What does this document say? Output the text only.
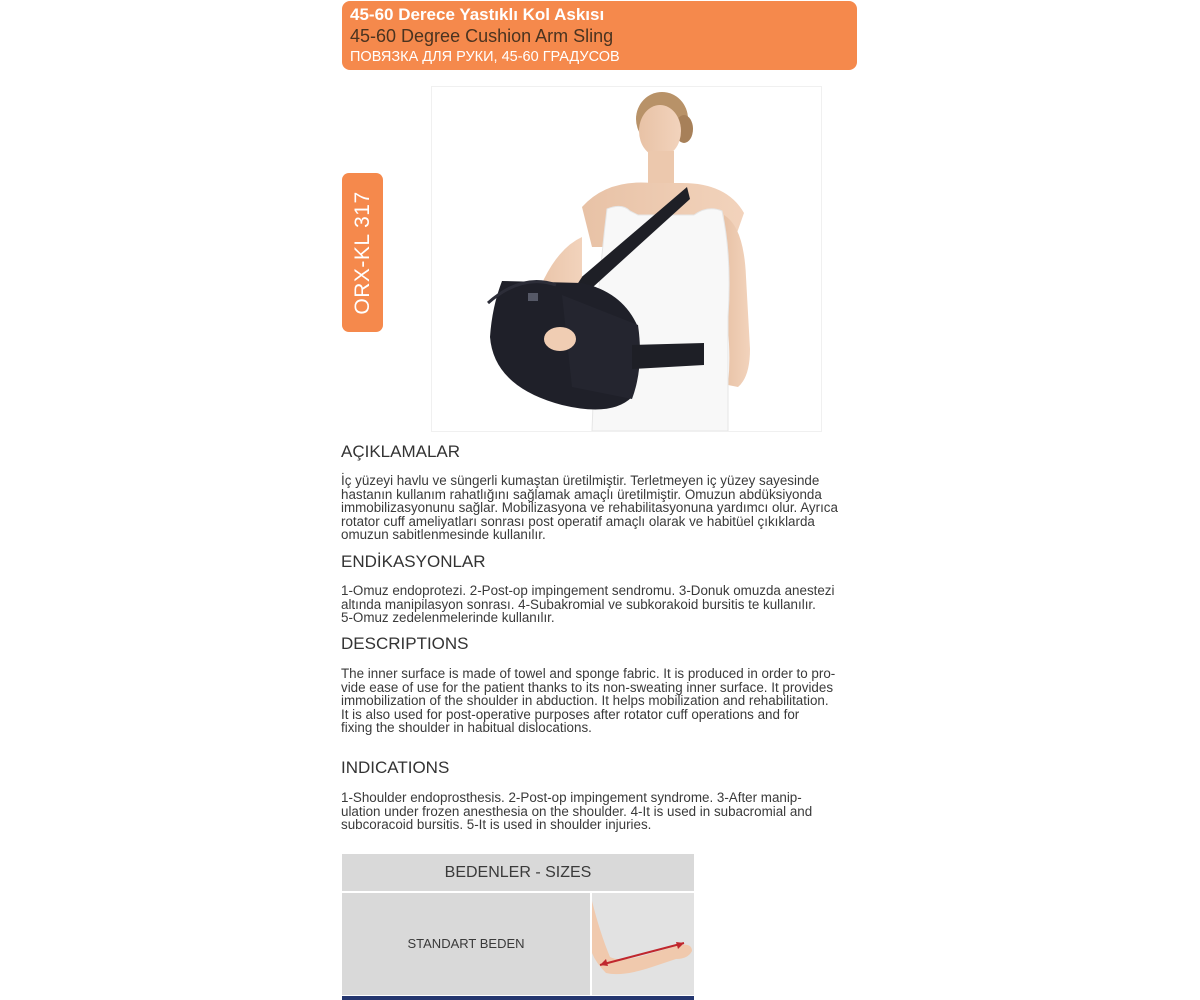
45-60 Derece Yastıklı Kol Askısı
45-60 Degree Cushion Arm Sling
ПОВЯЗКА ДЛЯ РУКИ, 45-60 ГРАДУСОВ
ORX-KL 317
AÇIKLAMALAR

İç yüzeyi havlu ve süngerli kumaştan üretilmiştir. Terletmeyen iç yüzey sayesinde
hastanın kullanım rahatlığını sağlamak amaçlı üretilmiştir. Omuzun abdüksiyonda
immobilizasyonunu sağlar. Mobilizasyona ve rehabilitasyonuna yardımcı olur. Ayrıca
rotator cuff ameliyatları sonrası post operatif amaçlı olarak ve habitüel çıkıklarda
omuzun sabitlenmesinde kullanılır.

ENDİKASYONLAR

1-Omuz endoprotezi. 2-Post-op impingement sendromu. 3-Donuk omuzda anestezi
altında manipilasyon sonrası. 4-Subakromial ve subkorakoid bursitis te kullanılır.
5-Omuz zedelenmelerinde kullanılır.

DESCRIPTIONS

The inner surface is made of towel and sponge fabric. It is produced in order to pro-
vide ease of use for the patient thanks to its non-sweating inner surface. It provides
immobilization of the shoulder in abduction. It helps mobilization and rehabilitation.
It is also used for post-operative purposes after rotator cuff operations and for
fixing the shoulder in habitual dislocations.

INDICATIONS

1-Shoulder endoprosthesis. 2-Post-op impingement syndrome. 3-After manip-
ulation under frozen anesthesia on the shoulder. 4-It is used in subacromial and
subcoracoid bursitis. 5-It is used in shoulder injuries.

BEDENLER - SIZES
STANDART BEDEN
